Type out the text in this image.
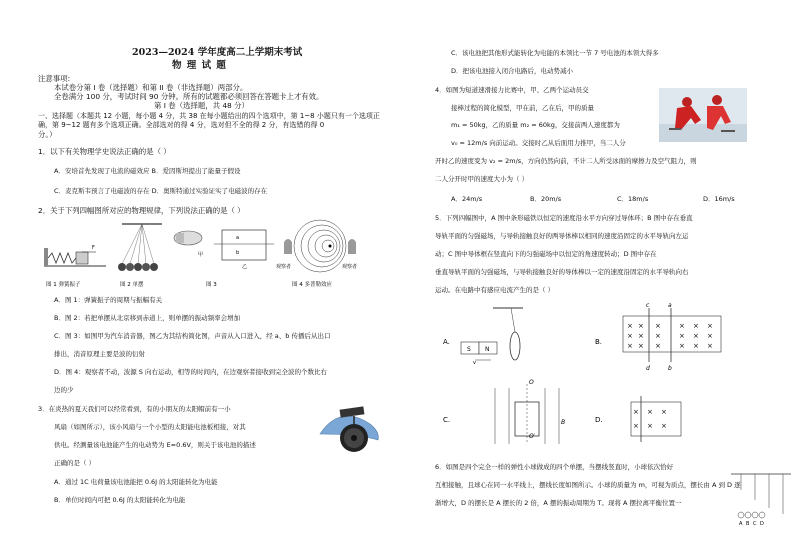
2023—2024 学年度高二上学期末考试
物 理 试 题
注意事项:
本试卷分第 I 卷（选择题）和第 II 卷（非选择题）两部分。
全卷满分 100 分，考试时间 90 分钟。所有的试题都必须回答在答题卡上才有效。
第 I 卷（选择题，共 48 分）
一、选择题（本题共 12 小题，每小题 4 分，共 38 在每小题给出的四个选项中，第 1~8 小题只有一个选项正
确，第 9~12 题有多个选项正确。全部选对的得 4 分，选对但不全的得 2 分，有选错的得 0
分。）
1．以下有关物理学史说法正确的是（ ）
A．安培首先发现了电流的磁效应 B．爱因斯坦提出了能量子假设
C．麦克斯韦预言了电磁波的存在 D．奥斯特通过实验证实了电磁波的存在
2．关于下列四幅图所对应的物理规律，下列说法正确的是（ ）
F
a
b
甲
乙	观察者	观察者
图 1 弹簧振子	图 2 单摆	图 3	图 4 多普勒效应
A．图 1：弹簧振子的周期与振幅有关
B．图 2：若把单摆从北京移到赤道上，则单摆的振动频率会增加
C．图 3：如图甲为汽车消音器，图乙为其结构简化图，声音从入口进入，经 a、b 传播后从出口
排出，消音原理主要是波的衍射
D．图 4：观察者不动，波源 S 向右运动，相等的时间内，在边观察者接收到完全波的个数比右
边的少
3．在炎热的夏天我们可以经常看到，有的小朋友的太阳帽前有一小
风扇（如图所示），该小风扇与一个小型的太阳能电池板相接，对其
供电。经测量该电池能产生的电动势为 E=0.6V，则关于该电池的描述
正确的是（ ）
A．通过 1C 电荷量该电池能把 0.6J 的太阳能转化为电能
B．单位时间内可把 0.6J 的太阳能转化为电能
C．该电池把其他形式能转化为电能的本领比一节 7 号电池的本领大得多
D．把该电池接入闭合电路后，电动势减小
4．如图为短道速滑接力比赛中，甲、乙两个运动员交
接棒过程的简化模型，甲在前，乙在后，甲的质量
m₁ = 50kg，乙的质量 m₂ = 60kg，交接前两人速度都为
v₀ = 12m/s 向前运动。交接时乙从后面用力推甲，当二人分
开时乙的速度变为 v₂ = 2m/s，方向仍然向前，不计二人所受冰面的摩擦力及空气阻力，则
二人分开时甲的速度大小为（ ）
A．24m/s	B．20m/s	C．18m/s	D．16m/s
5．下列四幅图中，A 图中条形磁铁以恒定的速度沿水平方向穿过导体环；B 图中存在垂直
导轨平面的匀强磁场，与导轨接触良好的两导体棒以相同的速度沿固定的水平导轨向左运
动；C 图中导体框在竖直向下的匀强磁场中以恒定的角速度转动；D 图中存在
垂直导轨平面的匀强磁场，与导轨接触良好的导体棒以一定的速度沿固定的水平导轨向右
运动。在电路中有感应电流产生的是（ ）
A.
S N
v
B.
c	a
d	b
× × ×	× × ×
× × ×	× × ×
× × ×	× × ×
C.
O
O′
B	D.
× × ×
× × ×
6．如图是四个完全一样的弹性小球做成的四个单摆，当摆线竖直时，小球依次恰好
互相接触，且球心在同一水平线上，摆线长度如图所示。小球的质量为 m，可视为质点，摆长由 A 到 D 逐
渐增大，D 的摆长是 A 摆长的 2 倍，A 摆的振动周期为 T。现将 A 摆拉离平衡位置一
A B C D
